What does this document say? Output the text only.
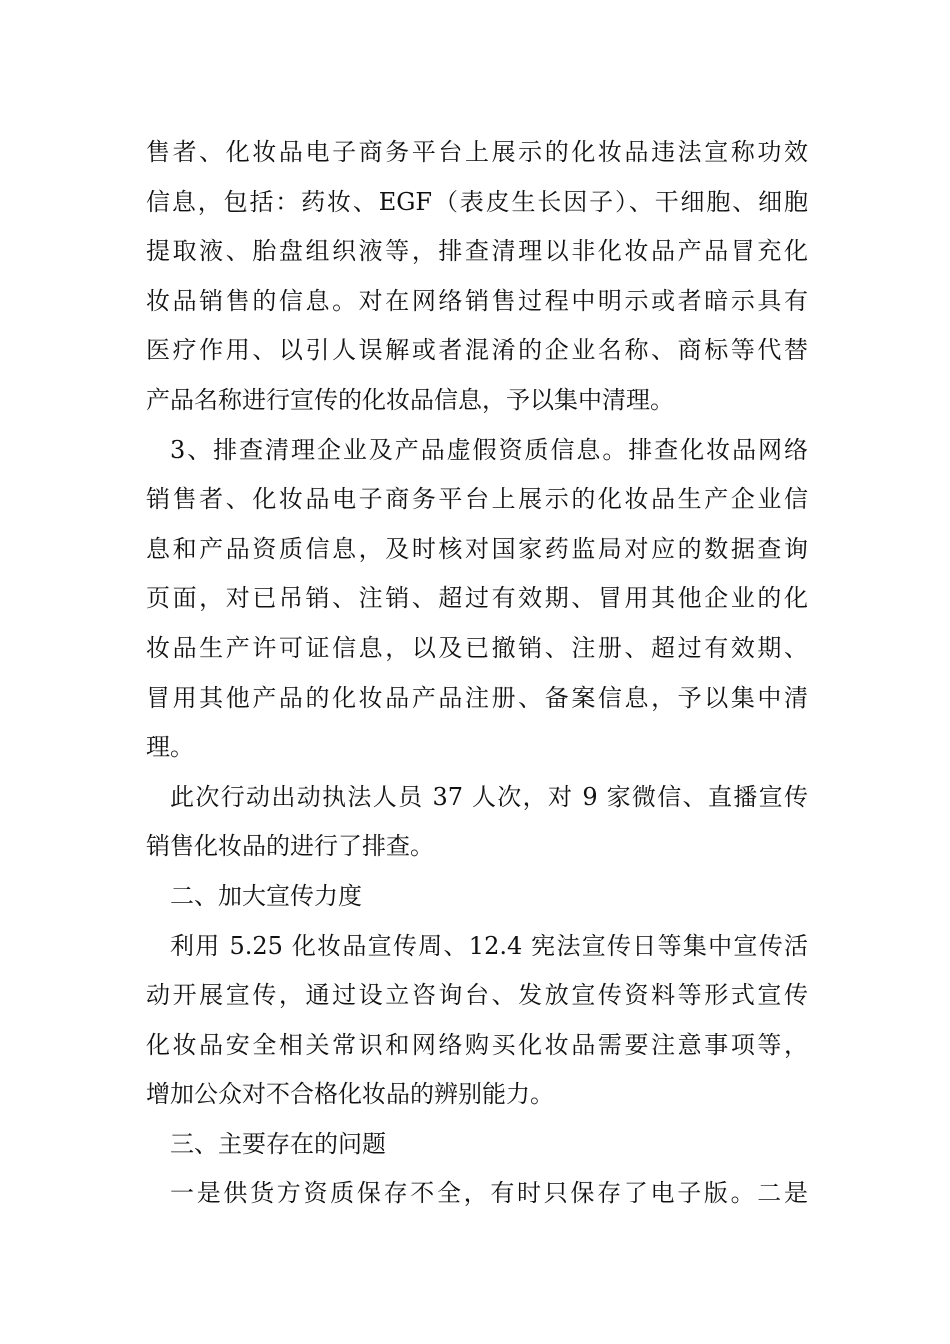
售者、化妆品电子商务平台上展示的化妆品违法宣称功效
信息，包括：药妆、EGF（表皮生长因子）、干细胞、细胞
提取液、胎盘组织液等，排查清理以非化妆品产品冒充化
妆品销售的信息。对在网络销售过程中明示或者暗示具有
医疗作用、以引人误解或者混淆的企业名称、商标等代替
产品名称进行宣传的化妆品信息，予以集中清理。
3、排查清理企业及产品虚假资质信息。排查化妆品网络
销售者、化妆品电子商务平台上展示的化妆品生产企业信
息和产品资质信息，及时核对国家药监局对应的数据查询
页面，对已吊销、注销、超过有效期、冒用其他企业的化
妆品生产许可证信息，以及已撤销、注册、超过有效期、
冒用其他产品的化妆品产品注册、备案信息，予以集中清
理。
此次行动出动执法人员 37 人次，对 9 家微信、直播宣传
销售化妆品的进行了排查。
二、加大宣传力度
利用 5.25 化妆品宣传周、12.4 宪法宣传日等集中宣传活
动开展宣传，通过设立咨询台、发放宣传资料等形式宣传
化妆品安全相关常识和网络购买化妆品需要注意事项等，
增加公众对不合格化妆品的辨别能力。
三、主要存在的问题
一是供货方资质保存不全，有时只保存了电子版。二是
